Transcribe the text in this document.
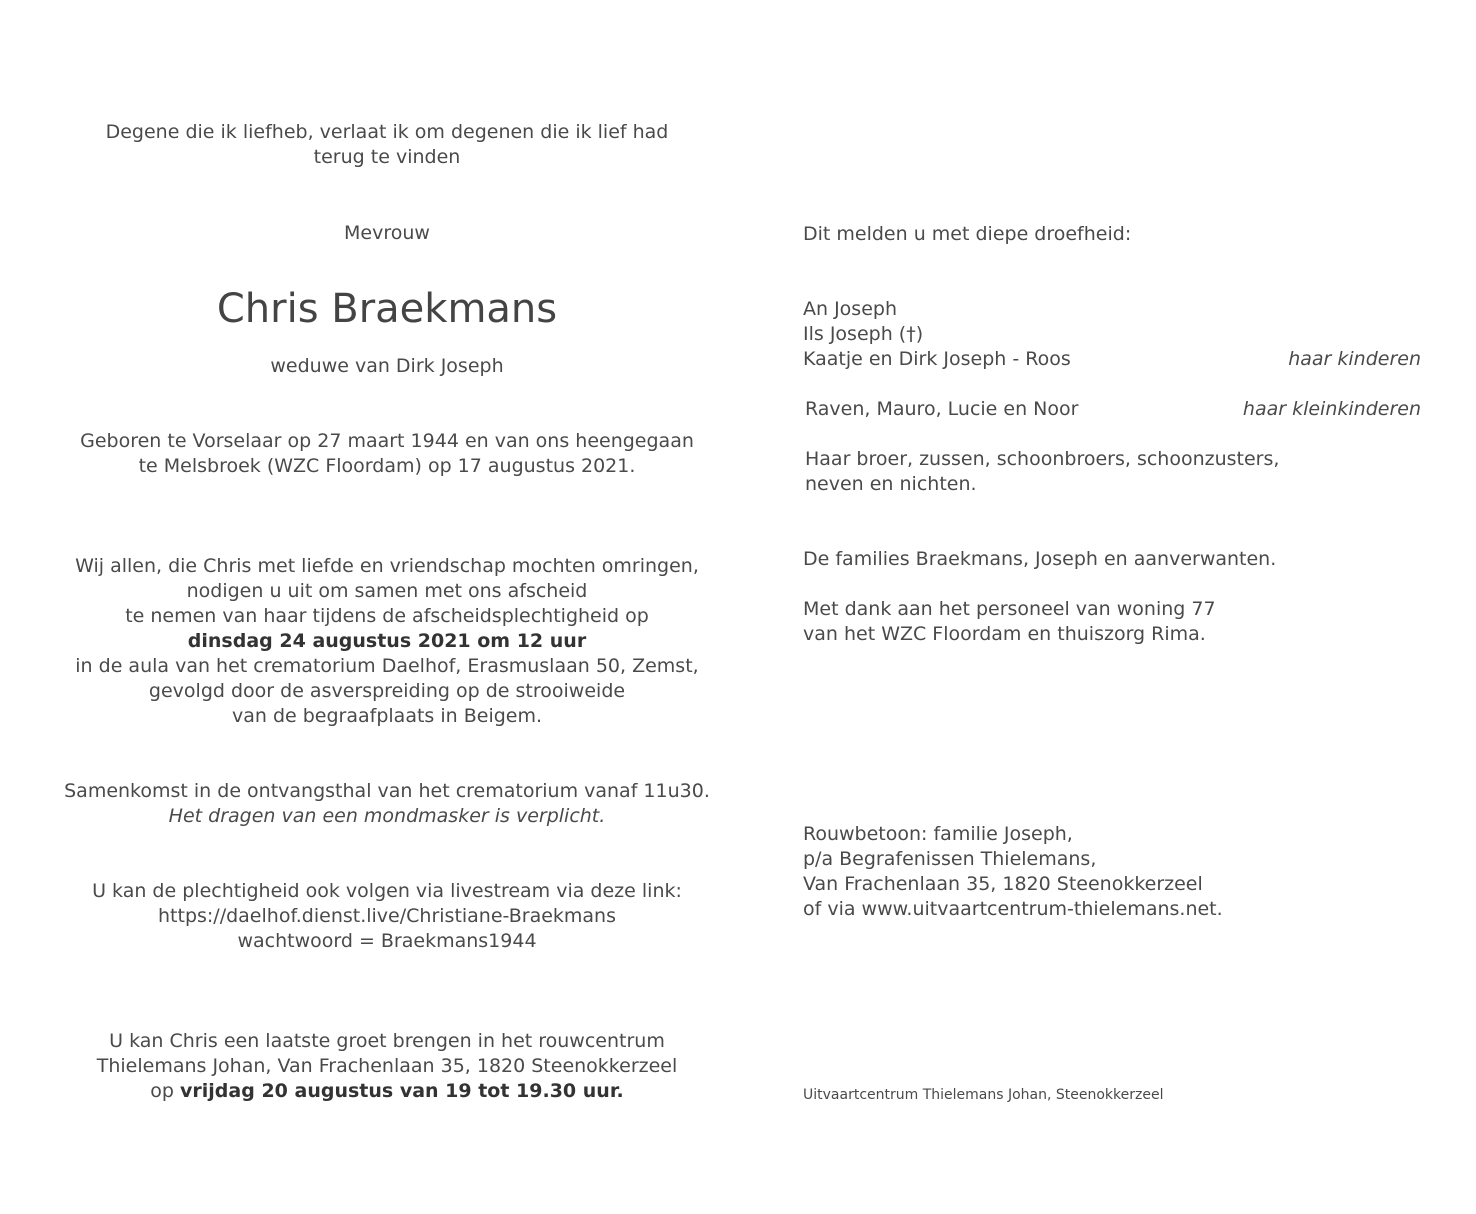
Degene die ik liefheb, verlaat ik om degenen die ik lief had
terug te vinden
Mevrouw
Chris Braekmans
weduwe van Dirk Joseph
Geboren te Vorselaar op 27 maart 1944 en van ons heengegaan
te Melsbroek (WZC Floordam) op 17 augustus 2021.
Wij allen, die Chris met liefde en vriendschap mochten omringen,
nodigen u uit om samen met ons afscheid
te nemen van haar tijdens de afscheidsplechtigheid op
dinsdag 24 augustus 2021 om 12 uur
in de aula van het crematorium Daelhof, Erasmuslaan 50, Zemst,
gevolgd door de asverspreiding op de strooiweide
van de begraafplaats in Beigem.
Samenkomst in de ontvangsthal van het crematorium vanaf 11u30.
Het dragen van een mondmasker is verplicht.
U kan de plechtigheid ook volgen via livestream via deze link:
https://daelhof.dienst.live/Christiane-Braekmans
wachtwoord = Braekmans1944
U kan Chris een laatste groet brengen in het rouwcentrum
Thielemans Johan, Van Frachenlaan 35, 1820 Steenokkerzeel
op vrijdag 20 augustus van 19 tot 19.30 uur.
Dit melden u met diepe droefheid:
An Joseph
Ils Joseph (†)
Kaatje en Dirk Joseph - Roos	haar kinderen
Raven, Mauro, Lucie en Noor	haar kleinkinderen
Haar broer, zussen, schoonbroers, schoonzusters,
neven en nichten.
De families Braekmans, Joseph en aanverwanten.
Met dank aan het personeel van woning 77
van het WZC Floordam en thuiszorg Rima.
Rouwbetoon: familie Joseph,
p/a Begrafenissen Thielemans,
Van Frachenlaan 35, 1820 Steenokkerzeel
of via www.uitvaartcentrum-thielemans.net.
Uitvaartcentrum Thielemans Johan, Steenokkerzeel
